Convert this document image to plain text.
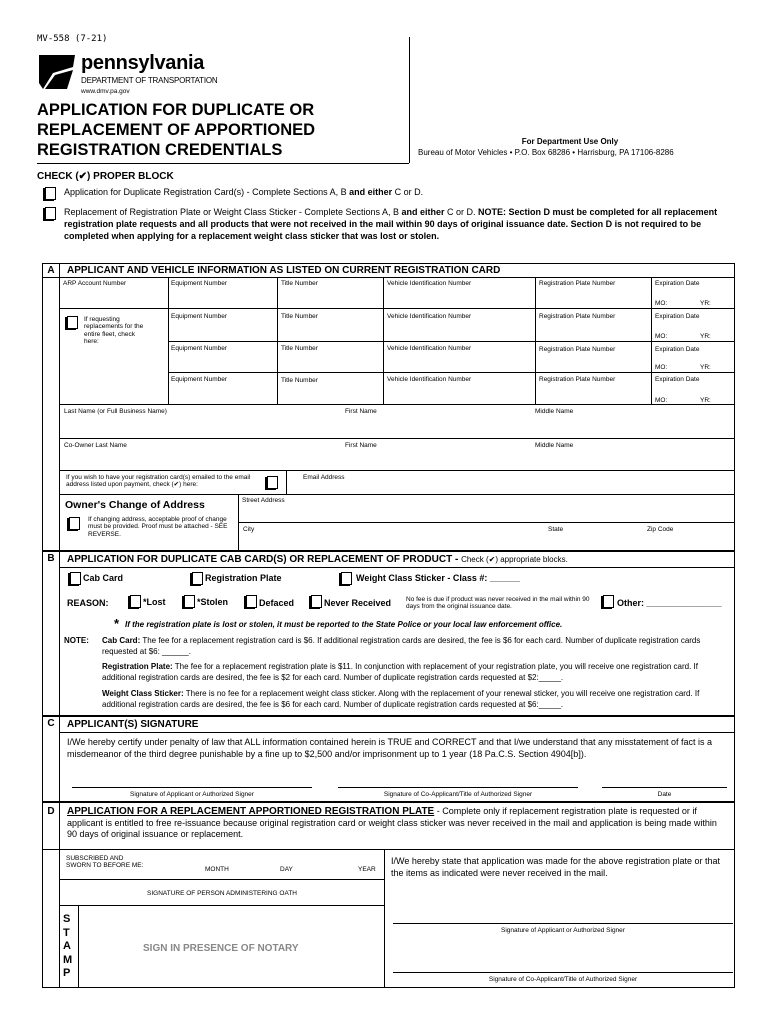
MV-558 (7-21)
pennsylvania
DEPARTMENT OF TRANSPORTATION
www.dmv.pa.gov
APPLICATION FOR DUPLICATE OR
REPLACEMENT OF APPORTIONED
REGISTRATION CREDENTIALS	For Department Use Only
Bureau of Motor Vehicles • P.O. Box 68286 • Harrisburg, PA 17106-8286
CHECK (✔) PROPER BLOCK
Application for Duplicate Registration Card(s) - Complete Sections A, B and either C or D.
Replacement of Registration Plate or Weight Class Sticker - Complete Sections A, B and either C or D. NOTE: Section D must be completed for all replacement registration plate requests and all products that were not received in the mail within 90 days of original issuance date. Section D is not required to be completed when applying for a replacement weight class sticker that was lost or stolen.
A	APPLICANT AND VEHICLE INFORMATION AS LISTED ON CURRENT REGISTRATION CARD
ARP Account Number
If requesting replacements for the entire fleet, check here:
Equipment Number	Title Number	Vehicle Identification Number	Registration Plate Number	Expiration Date
MO:	YR:
Equipment Number	Title Number	Vehicle Identification Number	Registration Plate Number	Expiration Date
MO:	YR:
Equipment Number	Title Number	Vehicle Identification Number	Registration Plate Number	Expiration Date
MO:	YR:
Equipment Number	Title Number	Vehicle Identification Number	Registration Plate Number	Expiration Date
MO:	YR:
Last Name (or Full Business Name)	First Name	Middle Name
Co-Owner Last Name	First Name	Middle Name
If you wish to have your registration card(s) emailed to the email address listed upon payment, check (✔) here:
Email Address
Owner's Change of Address
If changing address, acceptable proof of change must be provided. Proof must be attached - SEE REVERSE.
Street Address
City	State	Zip Code
B	APPLICATION FOR DUPLICATE CAB CARD(S) OR REPLACEMENT OF PRODUCT - Check (✔) appropriate blocks.
Cab Card	Registration Plate	Weight Class Sticker - Class #: ______
REASON:	*Lost	*Stolen	Defaced	Never Received No fee is due if product was never received in the mail within 90 days from the original issuance date.	Other: _______________
* If the registration plate is lost or stolen, it must be reported to the State Police or your local law enforcement office.
NOTE: Cab Card: The fee for a replacement registration card is $6. If additional registration cards are desired, the fee is $6 for each card. Number of duplicate registration cards requested at $6: ______.
Registration Plate: The fee for a replacement registration plate is $11. In conjunction with replacement of your registration plate, you will receive one registration card. If additional registration cards are desired, the fee is $2 for each card. Number of duplicate registration cards requested at $2:_____.
Weight Class Sticker: There is no fee for a replacement weight class sticker. Along with the replacement of your renewal sticker, you will receive one registration card. If additional registration cards are desired, the fee is $6 for each card. Number of duplicate registration cards requested at $6:_____.
C	APPLICANT(S) SIGNATURE
I/We hereby certify under penalty of law that ALL information contained herein is TRUE and CORRECT and that I/we understand that any misstatement of fact is a misdemeanor of the third degree punishable by a fine up to $2,500 and/or imprisonment up to 1 year (18 Pa.C.S. Section 4904[b]).
Signature of Applicant or Authorized Signer	Signature of Co-Applicant/Title of Authorized Signer	Date
D	APPLICATION FOR A REPLACEMENT APPORTIONED REGISTRATION PLATE - Complete only if replacement registration plate is requested or if applicant is entitled to free re-issuance because original registration card or weight class sticker was never received in the mail and application is being made within 90 days of original issuance or replacement.
SUBSCRIBED AND SWORN TO BEFORE ME:
MONTH	DAY	YEAR
SIGNATURE OF PERSON ADMINISTERING OATH
S
T
A
M
P
SIGN IN PRESENCE OF NOTARY
I/We hereby state that application was made for the above registration plate or that the items as indicated were never received in the mail.
Signature of Applicant or Authorized Signer
Signature of Co-Applicant/Title of Authorized Signer
